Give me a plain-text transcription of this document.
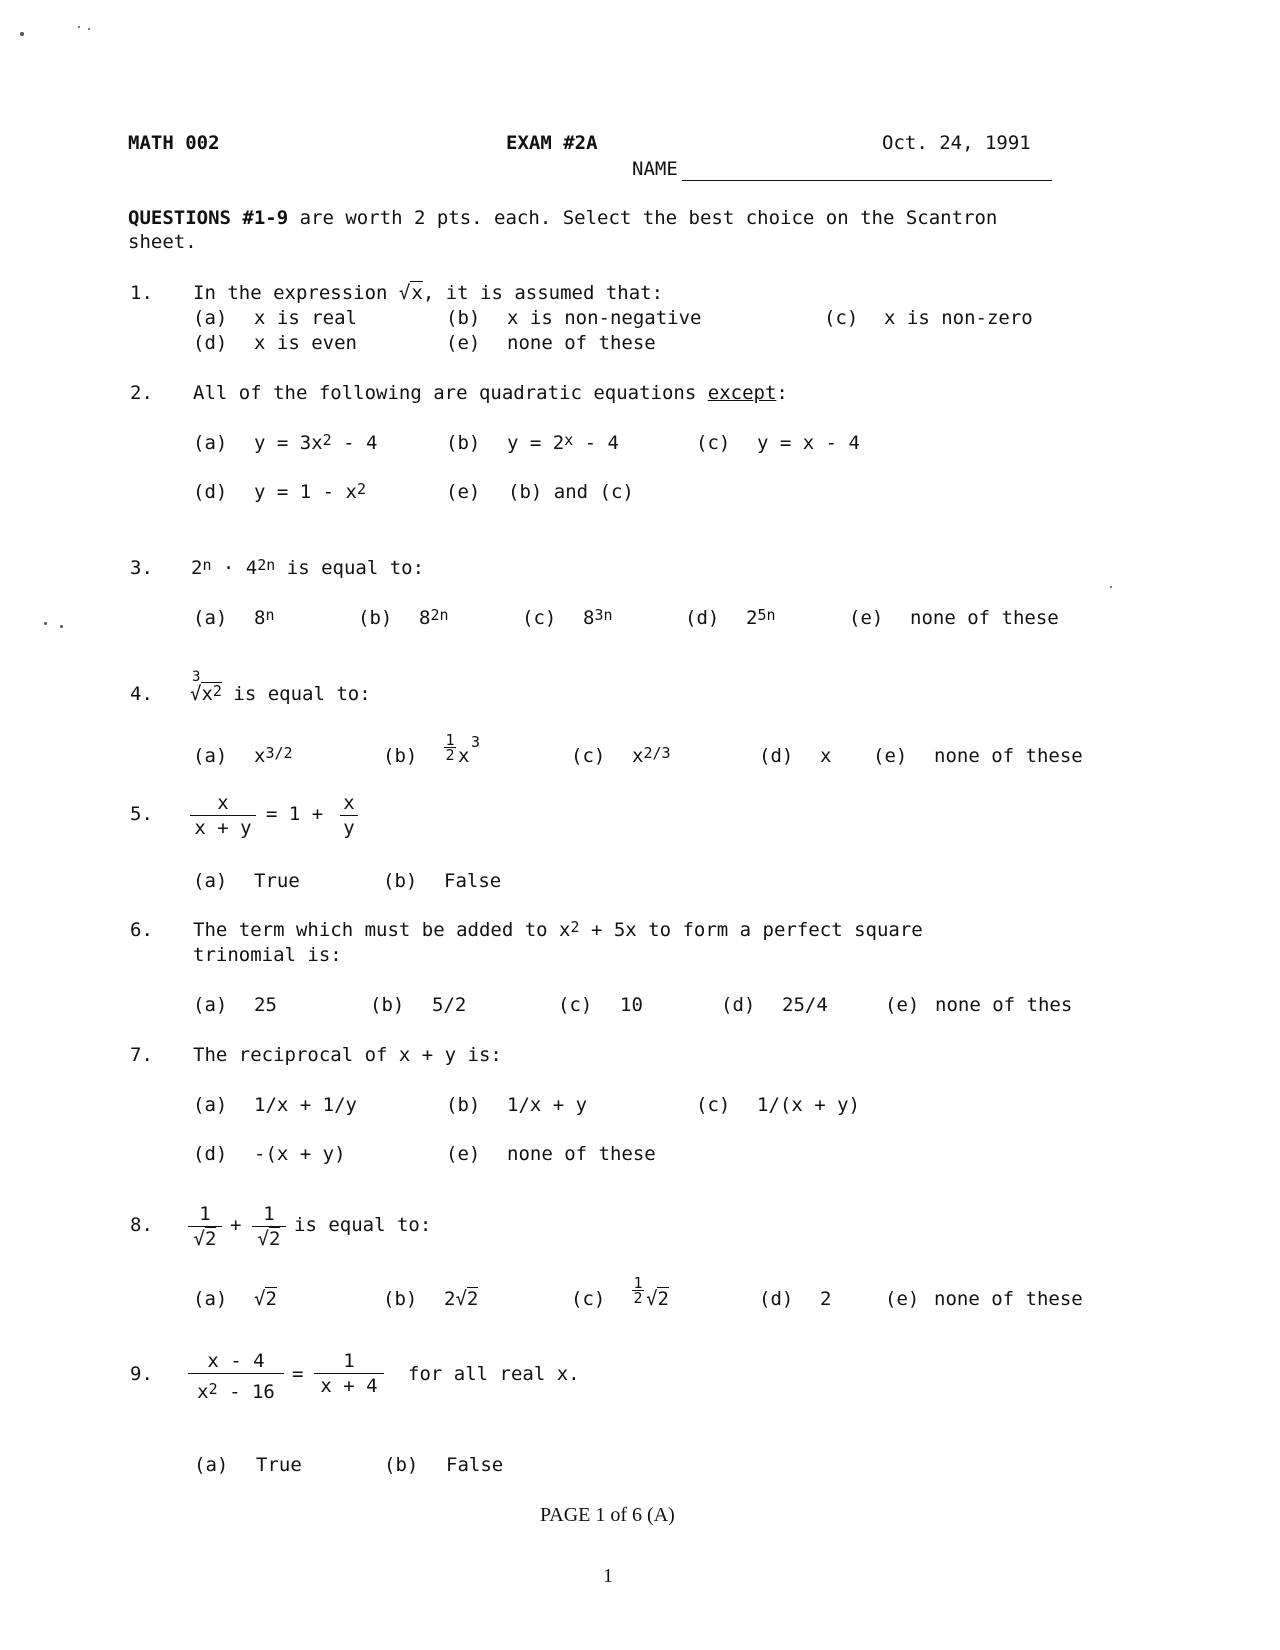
MATH 002	EXAM #2A	Oct. 24, 1991
NAME
QUESTIONS #1-9 are worth 2 pts. each. Select the best choice on the Scantron
sheet.
1. In the expression √x, it is assumed that:
(a) x is real	(b) x is non-negative	(c) x is non-zero
(d) x is even	(e) none of these
2. All of the following are quadratic equations except:
(a) $y = 3x^2 - 4$	(b) $y = 2^x - 4$	(c) y = x - 4
(d) $y = 1 - x^2$	(e) (b) and (c)
3. $2^n \cdot 4^{2n}$ is equal to:
(a) 8$^n$	(b) $8^{2n}$	(c) $8^{3n}$	(d) $2^{5n}$	(e) none of these
4.
3
$√x^2$ is equal to:
(a) $x^{3/2}$	(b)
1
2 x
3
(c) $x^{2/3}$	(d) x (e) none of these
5.	x
x + y
= 1 + x
y
(a) True	(b) False
6. The term which must be added to $x^2 + 5x$ to form a perfect square
trinomial is:
(a) 25	(b) 5/2	(c) 10	(d) 25/4	(e) none of thes
7. The reciprocal of x + y is:
(a) 1/x + 1/y	(b) 1/x + y	(c) 1/(x + y)
(d) -(x + y)	(e) none of these
8.	1
√2
+	1
√2
is equal to:
(a) √2	(b) 2√2	(c)
1
2 √2	(d) 2	(e) none of these
9.
x - 4
$x^2 - 16$
=
1
x + 4
for all real x.
(a) True	(b) False
PAGE 1 of 6 (A)
1
